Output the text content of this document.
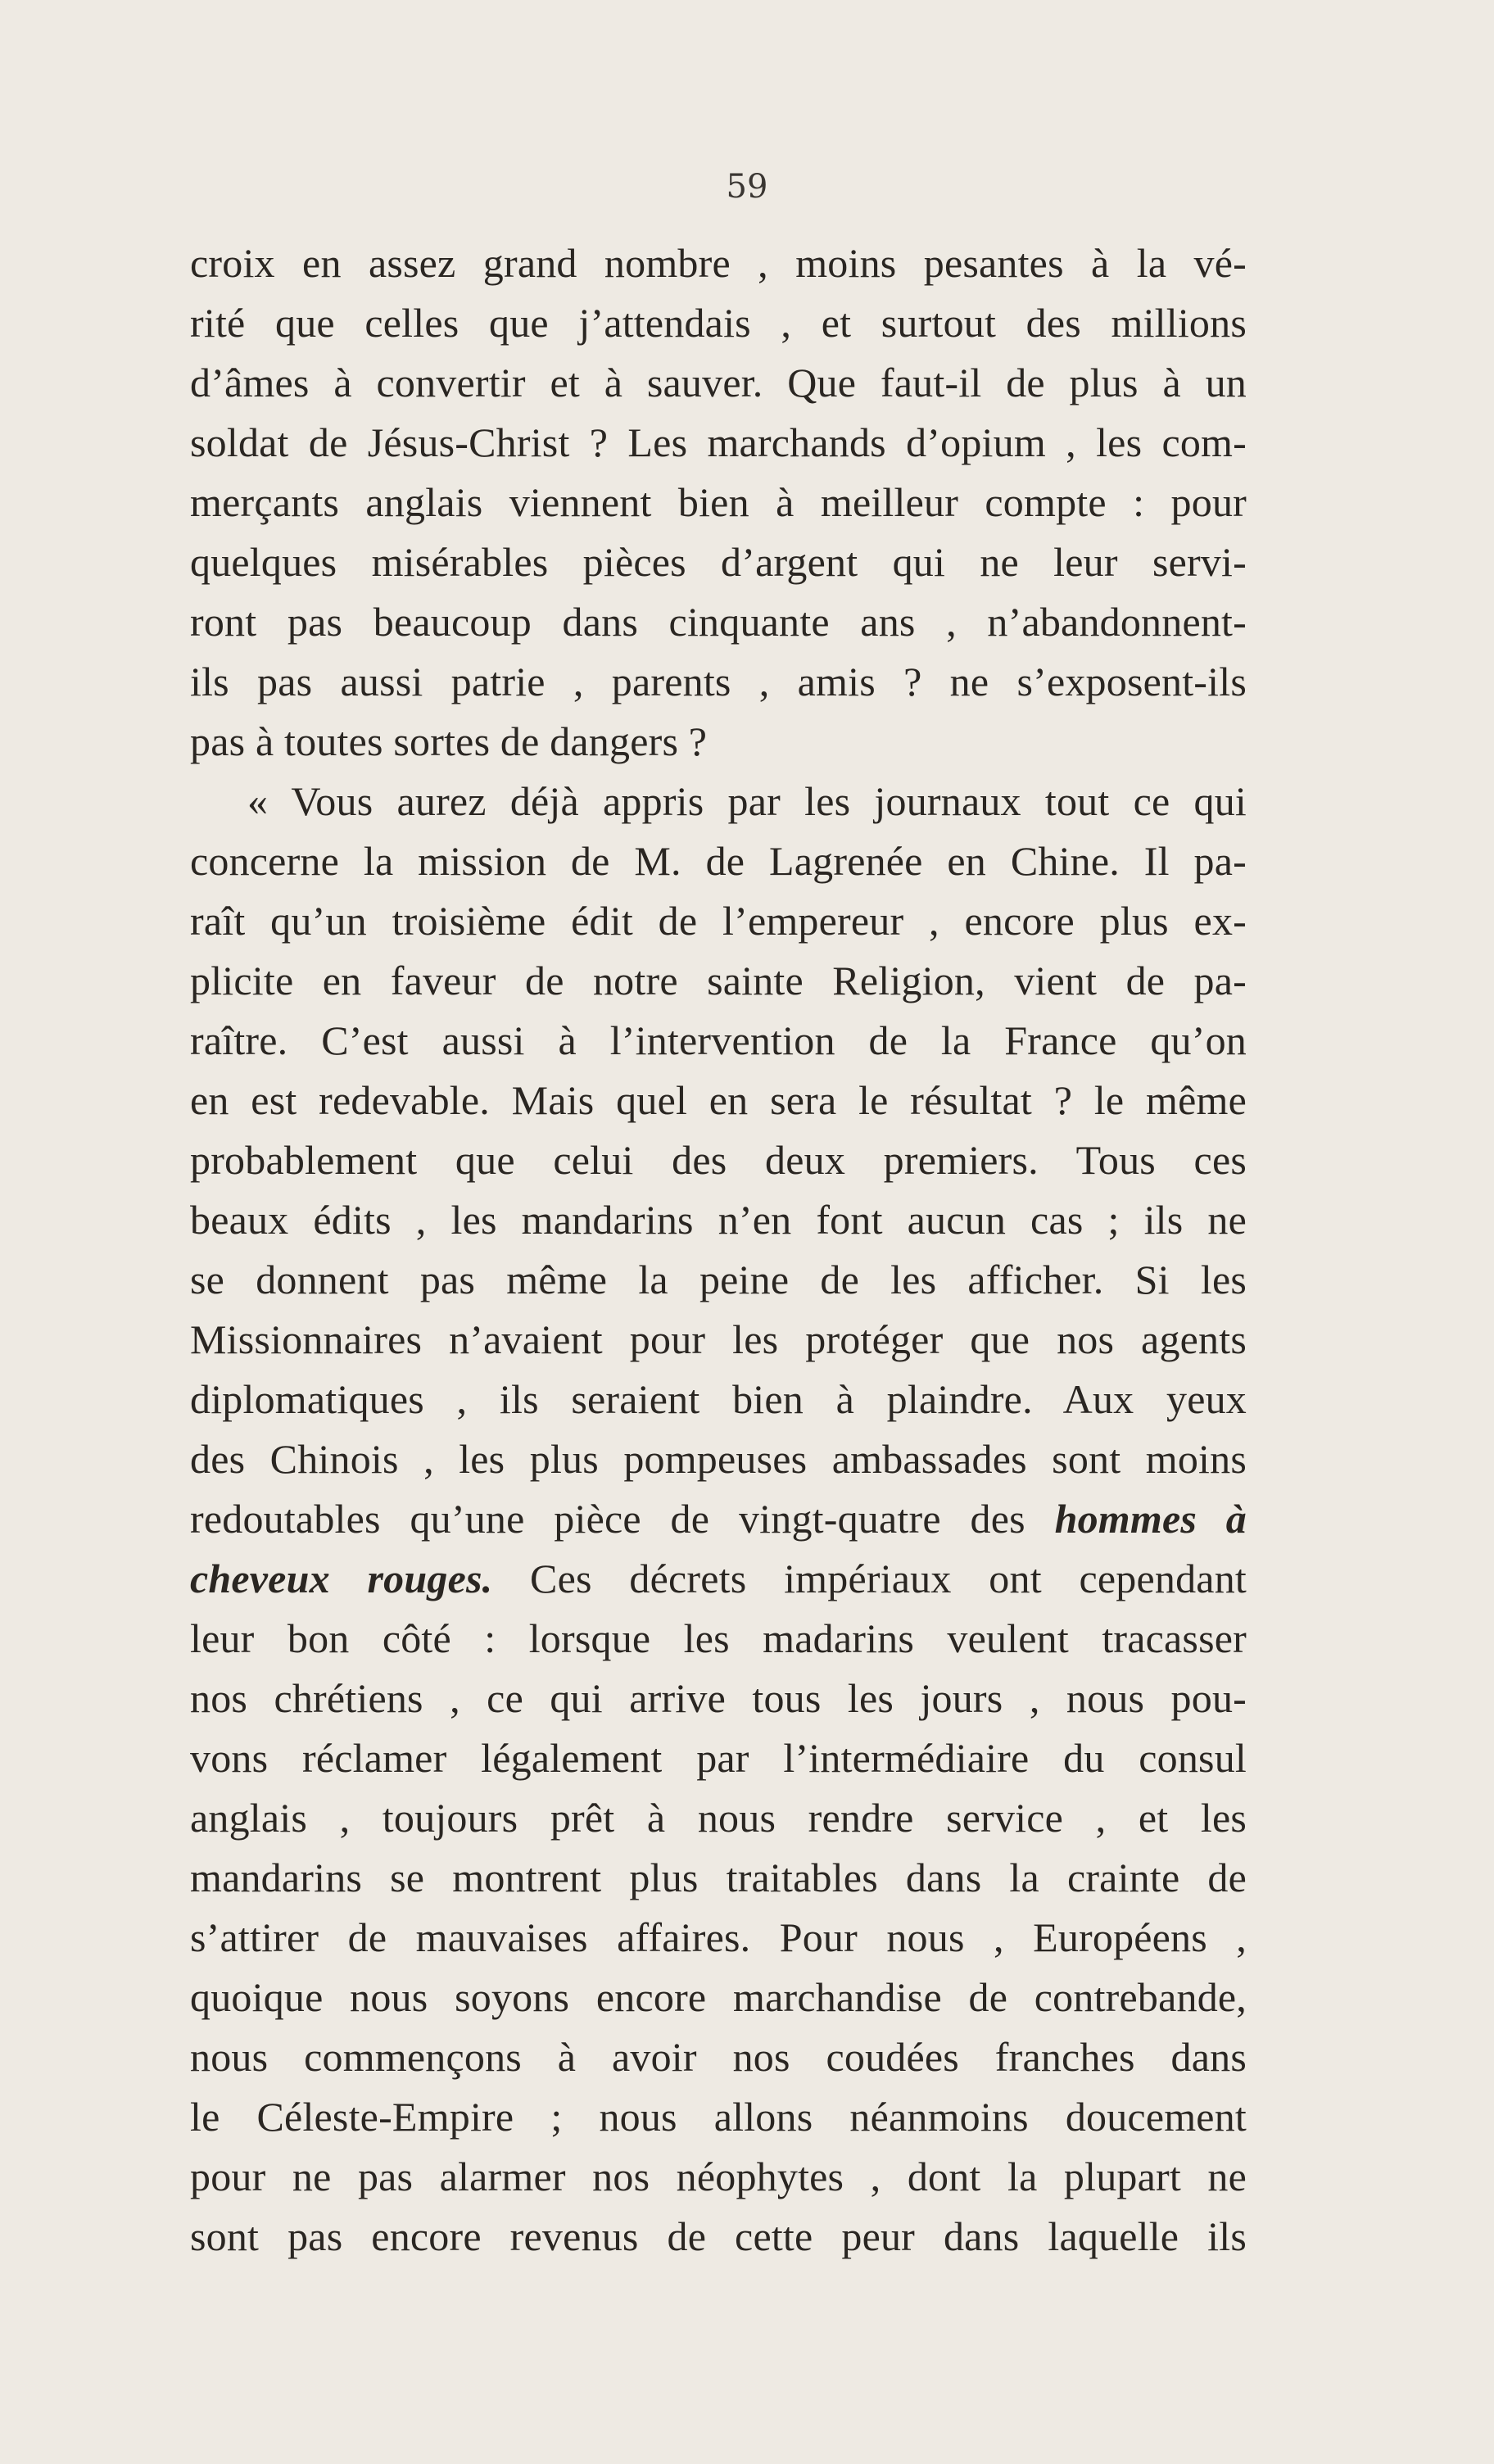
59
croix en assez grand nombre , moins pesantes à la vé-
rité que celles que j’attendais , et surtout des millions
d’âmes à convertir et à sauver. Que faut-il de plus à un
soldat de Jésus-Christ ? Les marchands d’opium , les com-
merçants anglais viennent bien à meilleur compte : pour
quelques misérables pièces d’argent qui ne leur servi-
ront pas beaucoup dans cinquante ans , n’abandonnent-
ils pas aussi patrie , parents , amis ? ne s’exposent-ils
pas à toutes sortes de dangers ?
« Vous aurez déjà appris par les journaux tout ce qui
concerne la mission de M. de Lagrenée en Chine. Il pa-
raît qu’un troisième édit de l’empereur , encore plus ex-
plicite en faveur de notre sainte Religion, vient de pa-
raître. C’est aussi à l’intervention de la France qu’on
en est redevable. Mais quel en sera le résultat ? le même
probablement que celui des deux premiers. Tous ces
beaux édits , les mandarins n’en font aucun cas ; ils ne
se donnent pas même la peine de les afficher. Si les
Missionnaires n’avaient pour les protéger que nos agents
diplomatiques , ils seraient bien à plaindre. Aux yeux
des Chinois , les plus pompeuses ambassades sont moins
redoutables qu’une pièce de vingt-quatre des hommes à
cheveux rouges. Ces décrets impériaux ont cependant
leur bon côté : lorsque les madarins veulent tracasser
nos chrétiens , ce qui arrive tous les jours , nous pou-
vons réclamer légalement par l’intermédiaire du consul
anglais , toujours prêt à nous rendre service , et les
mandarins se montrent plus traitables dans la crainte de
s’attirer de mauvaises affaires. Pour nous , Européens ,
quoique nous soyons encore marchandise de contrebande,
nous commençons à avoir nos coudées franches dans
le Céleste-Empire ; nous allons néanmoins doucement
pour ne pas alarmer nos néophytes , dont la plupart ne
sont pas encore revenus de cette peur dans laquelle ils
